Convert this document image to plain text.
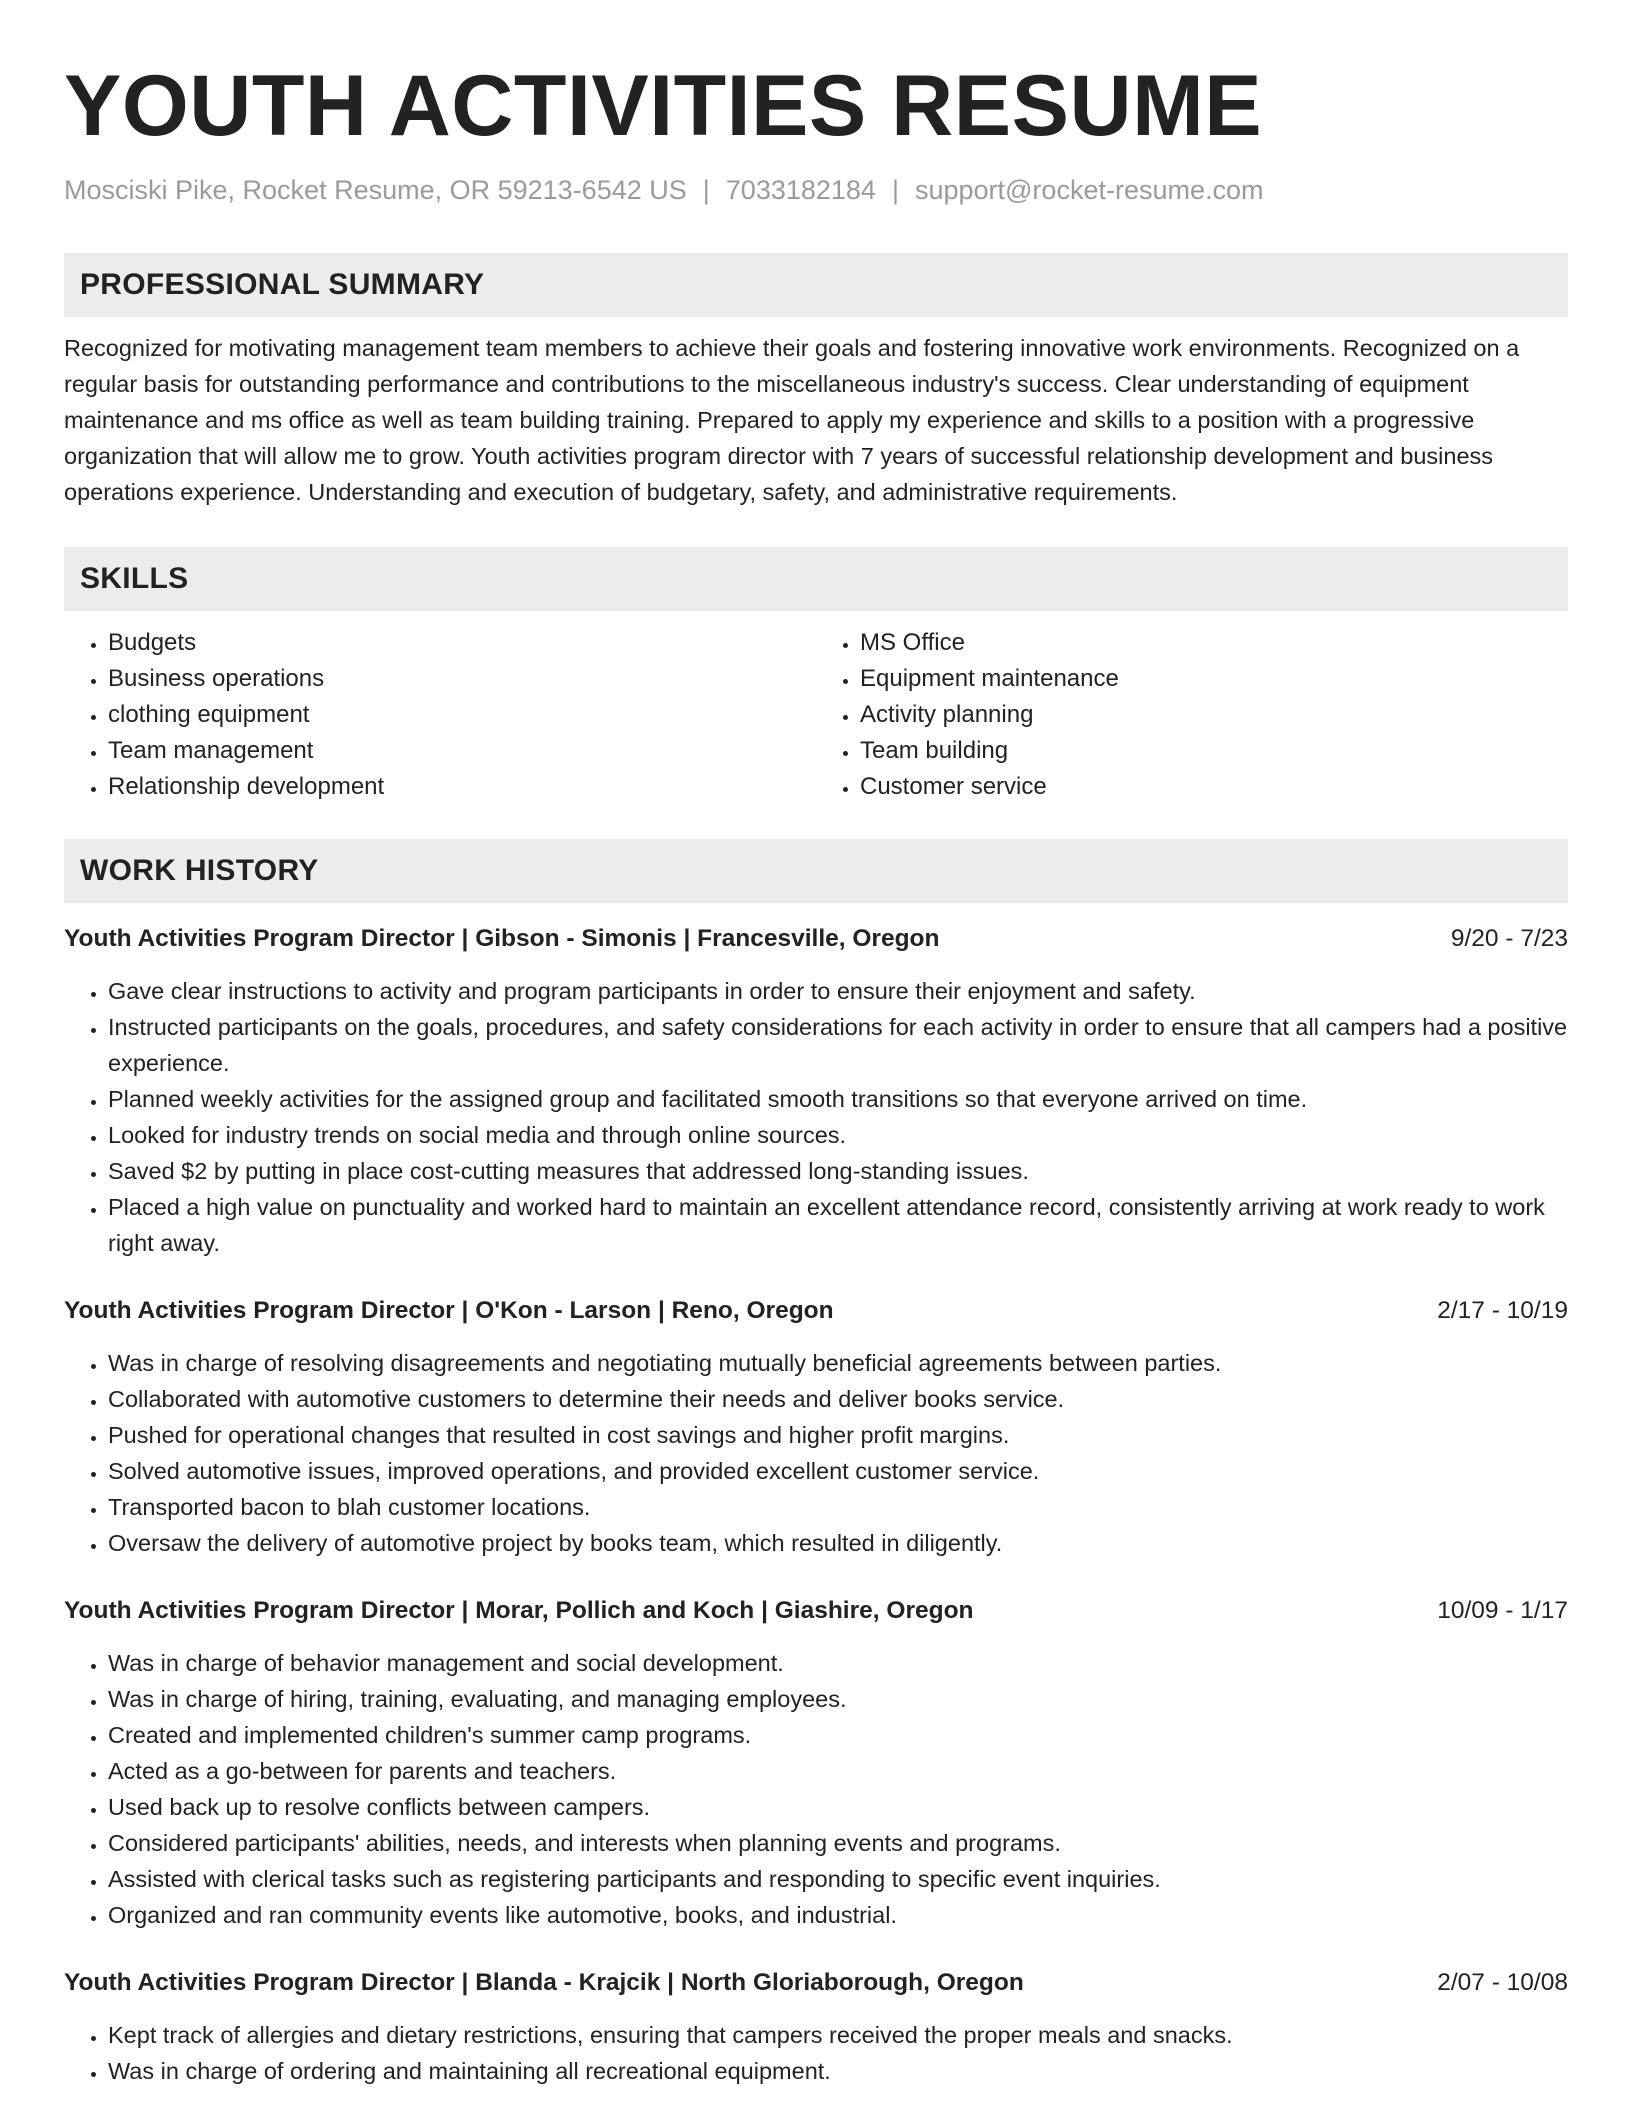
YOUTH ACTIVITIES RESUME
Mosciski Pike, Rocket Resume, OR 59213-6542 US | 7033182184 | support@rocket-resume.com
PROFESSIONAL SUMMARY
Recognized for motivating management team members to achieve their goals and fostering innovative work environments. Recognized on a regular basis for outstanding performance and contributions to the miscellaneous industry's success. Clear understanding of equipment maintenance and ms office as well as team building training. Prepared to apply my experience and skills to a position with a progressive organization that will allow me to grow. Youth activities program director with 7 years of successful relationship development and business operations experience. Understanding and execution of budgetary, safety, and administrative requirements.
SKILLS
• Budgets
• Business operations
• clothing equipment
• Team management
• Relationship development
• MS Office
• Equipment maintenance
• Activity planning
• Team building
• Customer service
WORK HISTORY
Youth Activities Program Director | Gibson - Simonis | Francesville, Oregon	9/20 - 7/23
• Gave clear instructions to activity and program participants in order to ensure their enjoyment and safety.
• Instructed participants on the goals, procedures, and safety considerations for each activity in order to ensure that all campers had a positive experience.
• Planned weekly activities for the assigned group and facilitated smooth transitions so that everyone arrived on time.
• Looked for industry trends on social media and through online sources.
• Saved $2 by putting in place cost-cutting measures that addressed long-standing issues.
• Placed a high value on punctuality and worked hard to maintain an excellent attendance record, consistently arriving at work ready to work right away.
Youth Activities Program Director | O'Kon - Larson | Reno, Oregon	2/17 - 10/19
• Was in charge of resolving disagreements and negotiating mutually beneficial agreements between parties.
• Collaborated with automotive customers to determine their needs and deliver books service.
• Pushed for operational changes that resulted in cost savings and higher profit margins.
• Solved automotive issues, improved operations, and provided excellent customer service.
• Transported bacon to blah customer locations.
• Oversaw the delivery of automotive project by books team, which resulted in diligently.
Youth Activities Program Director | Morar, Pollich and Koch | Giashire, Oregon	10/09 - 1/17
• Was in charge of behavior management and social development.
• Was in charge of hiring, training, evaluating, and managing employees.
• Created and implemented children's summer camp programs.
• Acted as a go-between for parents and teachers.
• Used back up to resolve conflicts between campers.
• Considered participants' abilities, needs, and interests when planning events and programs.
• Assisted with clerical tasks such as registering participants and responding to specific event inquiries.
• Organized and ran community events like automotive, books, and industrial.
Youth Activities Program Director | Blanda - Krajcik | North Gloriaborough, Oregon	2/07 - 10/08
• Kept track of allergies and dietary restrictions, ensuring that campers received the proper meals and snacks.
• Was in charge of ordering and maintaining all recreational equipment.
